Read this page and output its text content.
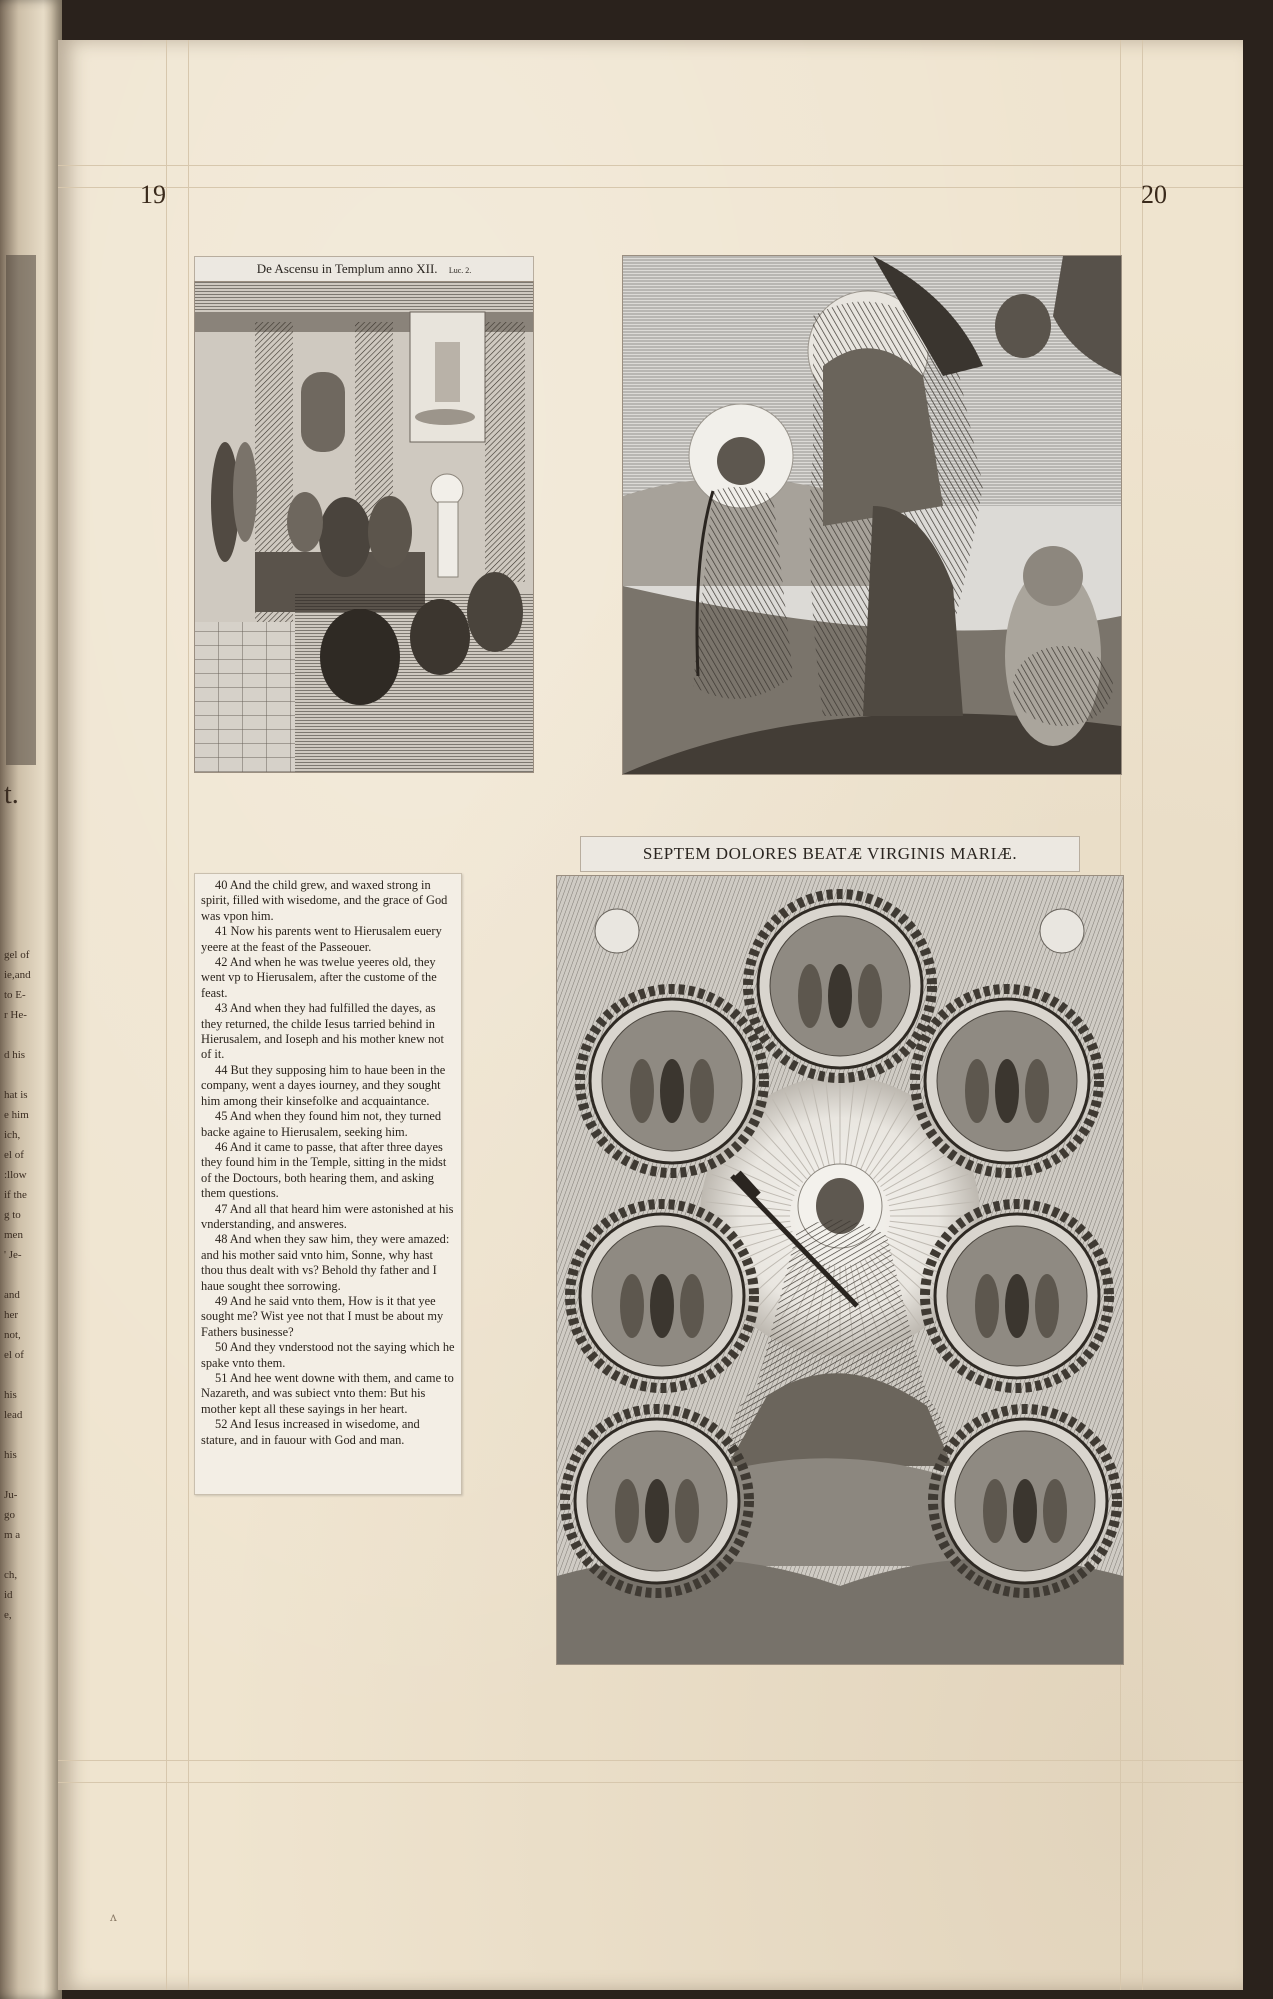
t.
gel of
ie,and
to E-
r He-

d his

hat is
e him
ich,
el of
:llow
if the
g to
men
' Je-

and
her
not,
el of

his
lead

his

Ju-
go
m a

ch,
id
e,
19	20
ᴧ
De Ascensu in Templum anno XII. Luc. 2.

40 And the child grew, and waxed strong in spirit, filled with wisedome, and the grace of God was vpon him.

41 Now his parents went to Hierusalem euery yeere at the feast of the Passeouer.

42 And when he was twelue yeeres old, they went vp to Hierusalem, after the custome of the feast.

43 And when they had fulfilled the dayes, as they returned, the childe Iesus tarried behind in Hierusalem, and Ioseph and his mother knew not of it.

44 But they supposing him to haue been in the company, went a dayes iourney, and they sought him among their kinsefolke and acquaintance.

45 And when they found him not, they turned backe againe to Hierusalem, seeking him.

46 And it came to passe, that after three dayes they found him in the Temple, sitting in the midst of the Doctours, both hearing them, and asking them questions.

47 And all that heard him were astonished at his vnderstanding, and answeres.

48 And when they saw him, they were amazed: and his mother said vnto him, Sonne, why hast thou thus dealt with vs? Behold thy father and I haue sought thee sorrowing.

49 And he said vnto them, How is it that yee sought me? Wist yee not that I must be about my Fathers businesse?

50 And they vnderstood not the saying which he spake vnto them.

51 And hee went downe with them, and came to Nazareth, and was subiect vnto them: But his mother kept all these sayings in her heart.

52 And Iesus increased in wisedome, and stature, and in fauour with God and man.

SEPTEM DOLORES BEATÆ VIRGINIS MARIÆ.
